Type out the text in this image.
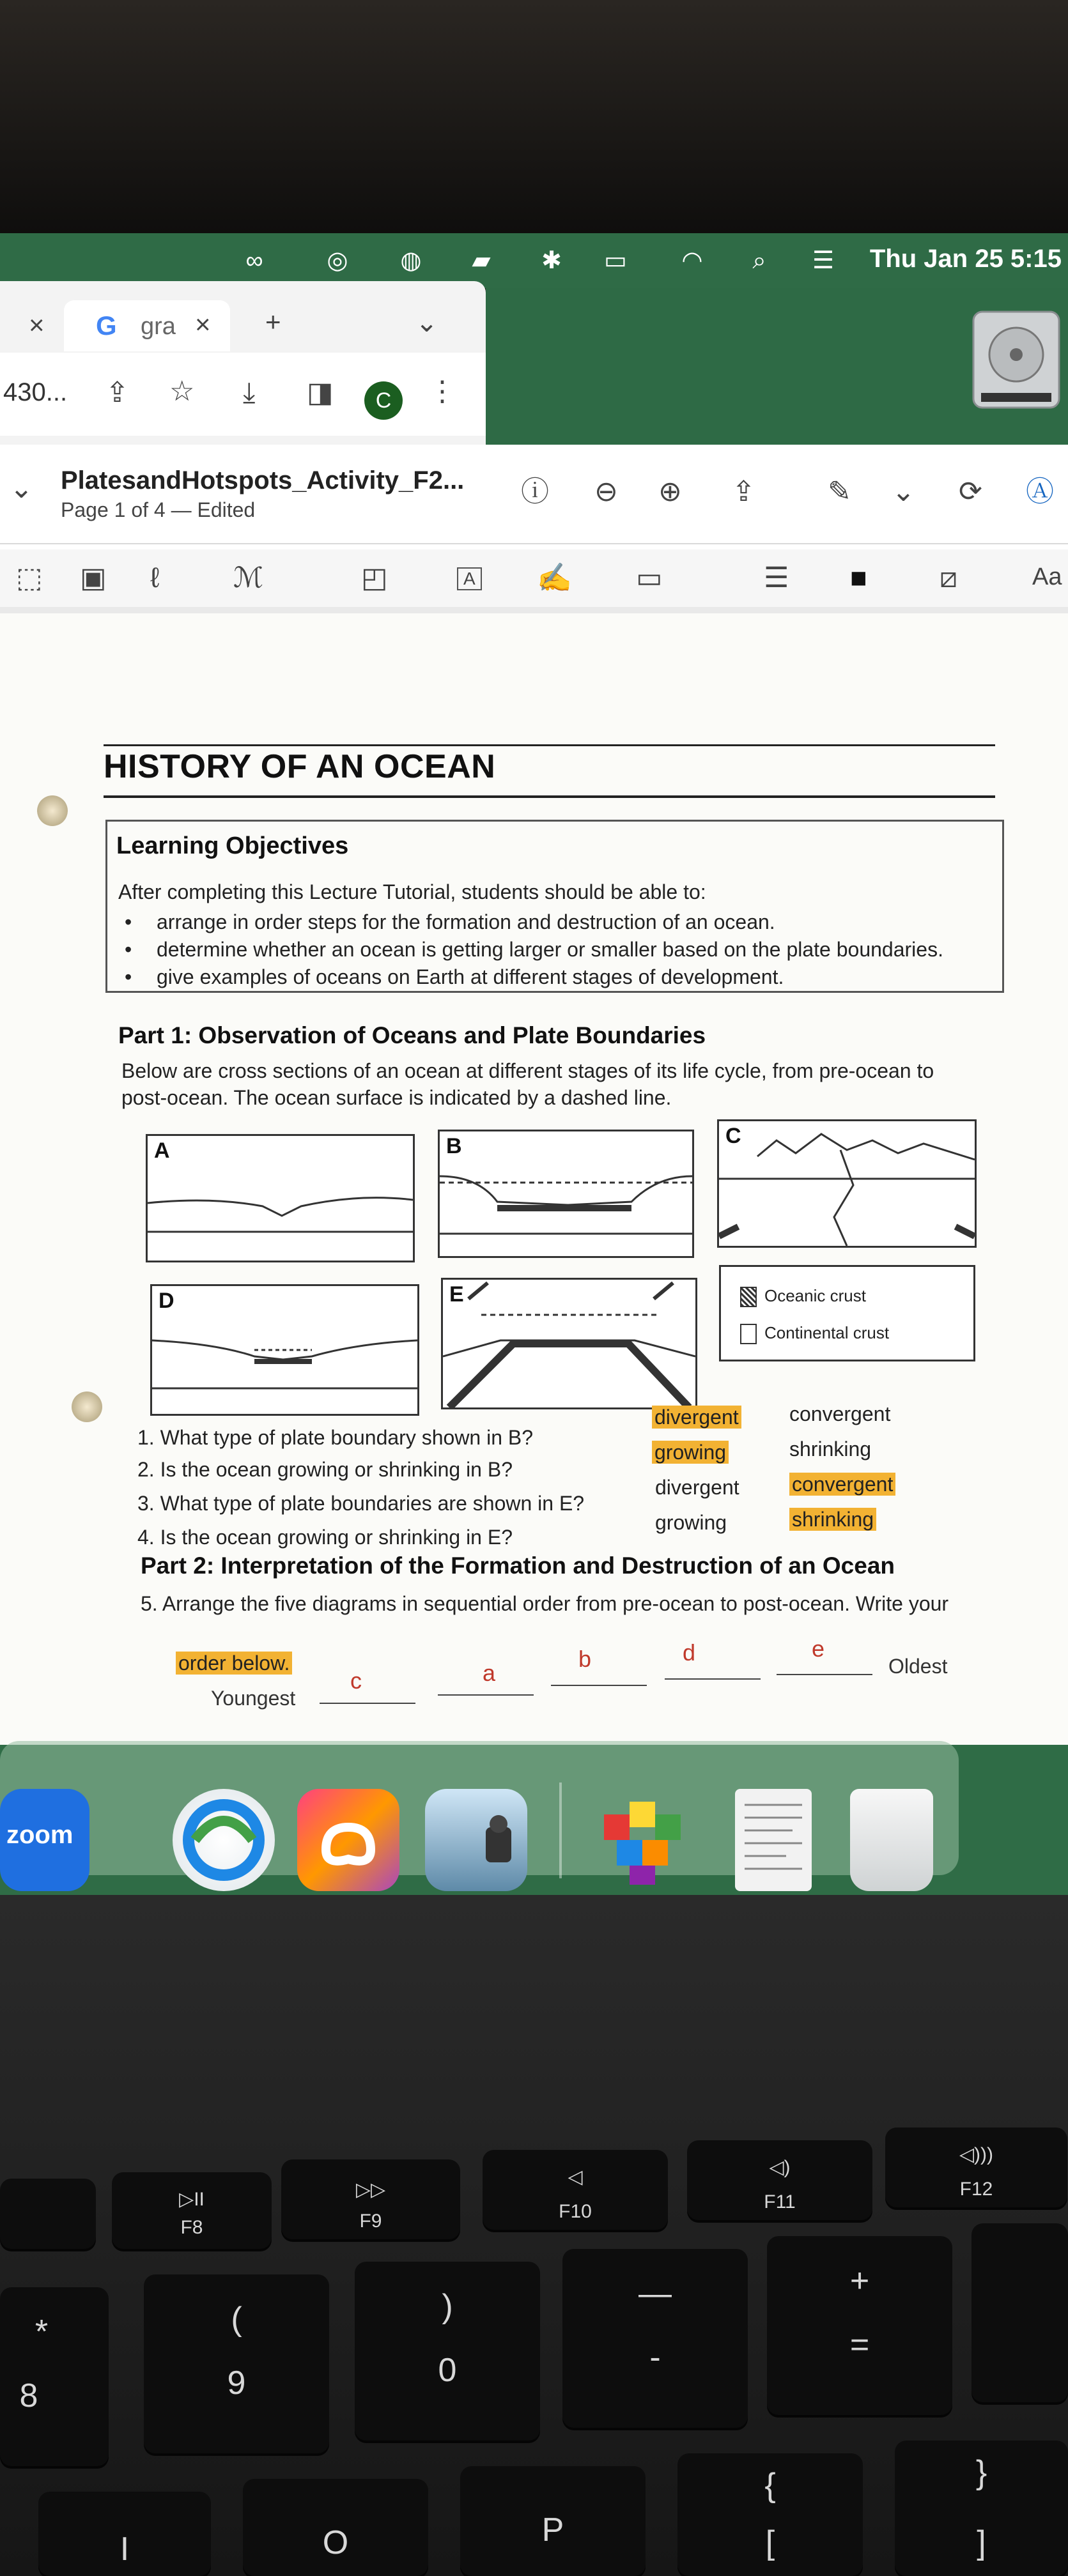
∞	◎ ◍ ▰ ✱ ▭ ◠	⌕	☰ Thu Jan 25 5:15
× G gra × +	⌄
430... ⇪ ☆ ⤓ ◨	C	⋮
⌄ PlatesandHotspots_Activity_F2...
Page 1 of 4 — Edited
ⓘ ⊖ ⊕ ⇪	✎ ⌄ ⟳ Ⓐ
⬚ ▣ ℓ	ℳ	◰	A ✍ ▭	☰ ■	⧄	Aa
HISTORY OF AN OCEAN
Learning Objectives
After completing this Lecture Tutorial, students should be able to:
• arrange in order steps for the formation and destruction of an ocean.
• determine whether an ocean is getting larger or smaller based on the plate boundaries.
• give examples of oceans on Earth at different stages of development.
Part 1: Observation of Oceans and Plate Boundaries
Below are cross sections of an ocean at different stages of its life cycle, from pre-ocean to post-ocean. The ocean surface is indicated by a dashed line.
A	B	C
D	E	Oceanic crust
Continental crust
1. What type of plate boundary shown in B?
divergent convergent
2. Is the ocean growing or shrinking in B?
growing	shrinking
3. What type of plate boundaries are shown in E?
divergent	convergent
4. Is the ocean growing or shrinking in E?
growing	shrinking
Part 2: Interpretation of the Formation and Destruction of an Ocean
5. Arrange the five diagrams in sequential order from pre-ocean to post-ocean. Write your
order below.
Youngest
Oldest
c	a
b	d	e
zoom
▷II
F8
▷▷
F9
◁
F10
◁)
F11
◁)))
F12
*
8
(
9
)
0
—
-
+
=
I	O	P
{
[
}
]
